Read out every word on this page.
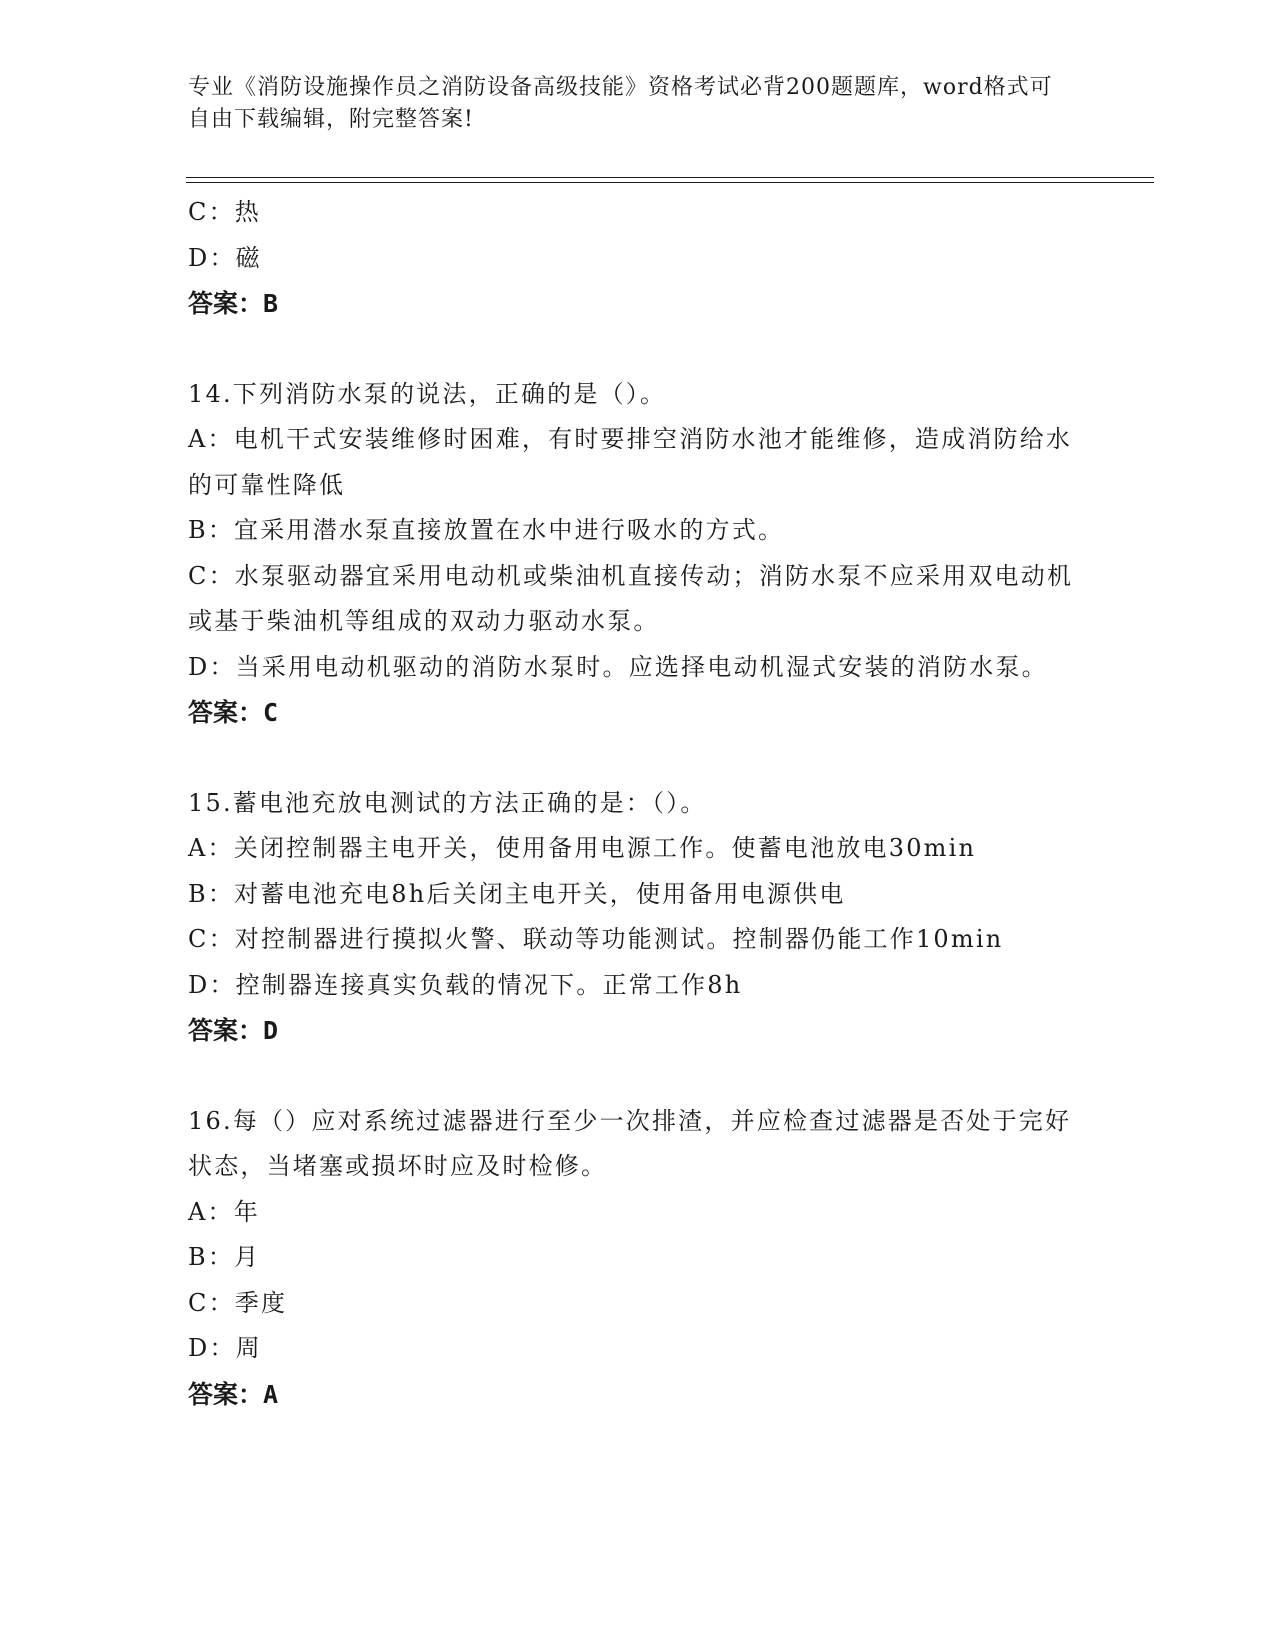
专业《消防设施操作员之消防设备高级技能》资格考试必背200题题库，word格式可自由下载编辑，附完整答案!
C：热
D：磁
答案：B
14.下列消防水泵的说法，正确的是（）。
A：电机干式安装维修时困难，有时要排空消防水池才能维修，造成消防给水的可靠性降低
B：宜采用潜水泵直接放置在水中进行吸水的方式。
C：水泵驱动器宜采用电动机或柴油机直接传动；消防水泵不应采用双电动机或基于柴油机等组成的双动力驱动水泵。
D：当采用电动机驱动的消防水泵时。应选择电动机湿式安装的消防水泵。
答案：C
15.蓄电池充放电测试的方法正确的是：（）。
A：关闭控制器主电开关，使用备用电源工作。使蓄电池放电30min
B：对蓄电池充电8h后关闭主电开关，使用备用电源供电
C：对控制器进行摸拟火警、联动等功能测试。控制器仍能工作10min
D：控制器连接真实负载的情况下。正常工作8h
答案：D
16.每（）应对系统过滤器进行至少一次排渣，并应检查过滤器是否处于完好状态，当堵塞或损坏时应及时检修。
A：年
B：月
C：季度
D：周
答案：A
